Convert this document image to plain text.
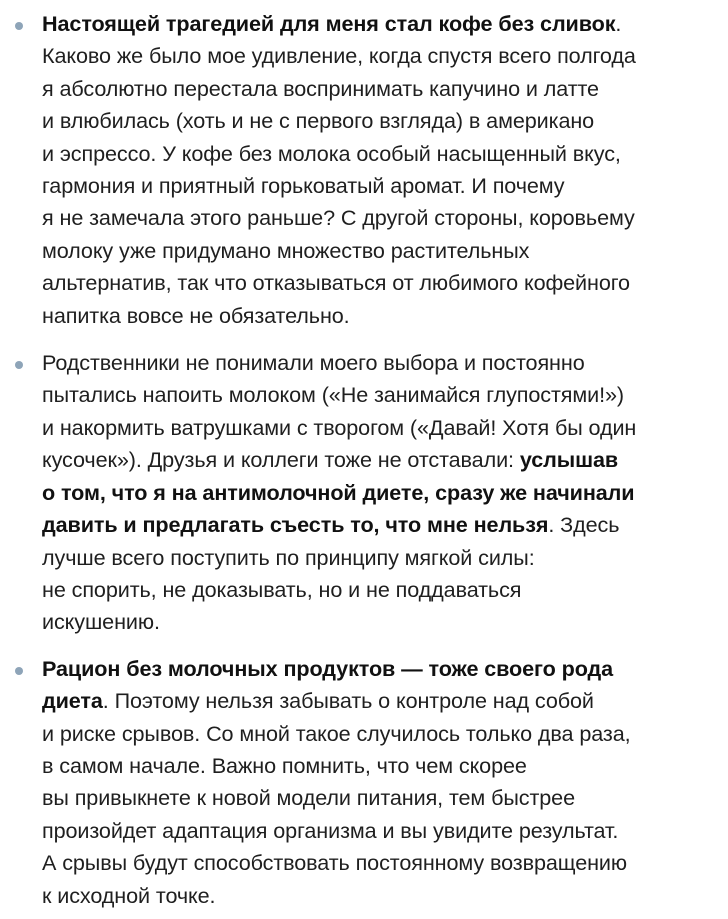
Настоящей трагедией для меня стал кофе без сливок.
Каково же было мое удивление, когда спустя всего полгода
я абсолютно перестала воспринимать капучино и латте
и влюбилась (хоть и не с первого взгляда) в американо
и эспрессо. У кофе без молока особый насыщенный вкус,
гармония и приятный горьковатый аромат. И почему
я не замечала этого раньше? С другой стороны, коровьему
молоку уже придумано множество растительных
альтернатив, так что отказываться от любимого кофейного
напитка вовсе не обязательно.

Родственники не понимали моего выбора и постоянно
пытались напоить молоком («Не занимайся глупостями!»)
и накормить ватрушками с творогом («Давай! Хотя бы один
кусочек»). Друзья и коллеги тоже не отставали: услышав
о том, что я на антимолочной диете, сразу же начинали
давить и предлагать съесть то, что мне нельзя. Здесь
лучше всего поступить по принципу мягкой силы:
не спорить, не доказывать, но и не поддаваться
искушению.

Рацион без молочных продуктов — тоже своего рода
диета. Поэтому нельзя забывать о контроле над собой
и риске срывов. Со мной такое случилось только два раза,
в самом начале. Важно помнить, что чем скорее
вы привыкнете к новой модели питания, тем быстрее
произойдет адаптация организма и вы увидите результат.
А срывы будут способствовать постоянному возвращению
к исходной точке.
